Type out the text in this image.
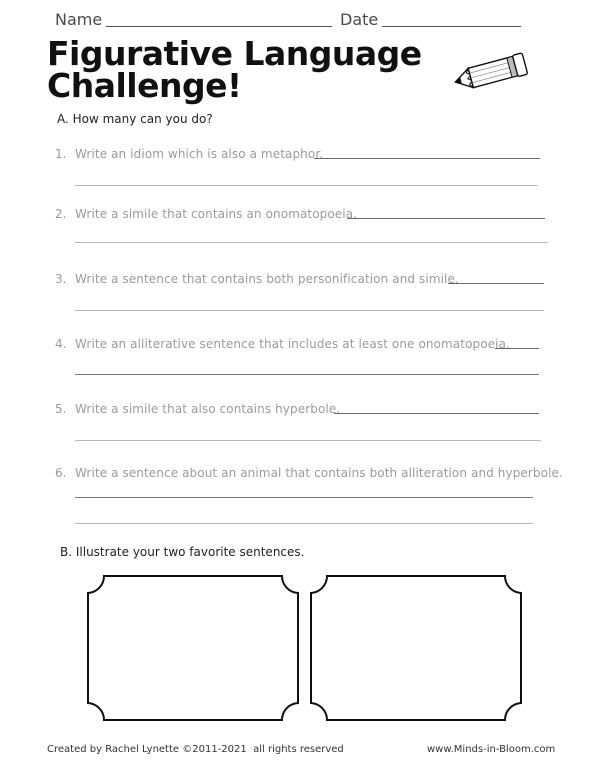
Name	Date
Figurative Language
Challenge!
A. How many can you do?
1. Write an idiom which is also a metaphor.
2. Write a simile that contains an onomatopoeia.
3. Write a sentence that contains both personification and simile.
4. Write an alliterative sentence that includes at least one onomatopoeia.
5. Write a simile that also contains hyperbole.
6. Write a sentence about an animal that contains both alliteration and hyperbole.
B. Illustrate your two favorite sentences.
Created by Rachel Lynette ©2011-2021  all rights reserved	www.Minds-in-Bloom.com
